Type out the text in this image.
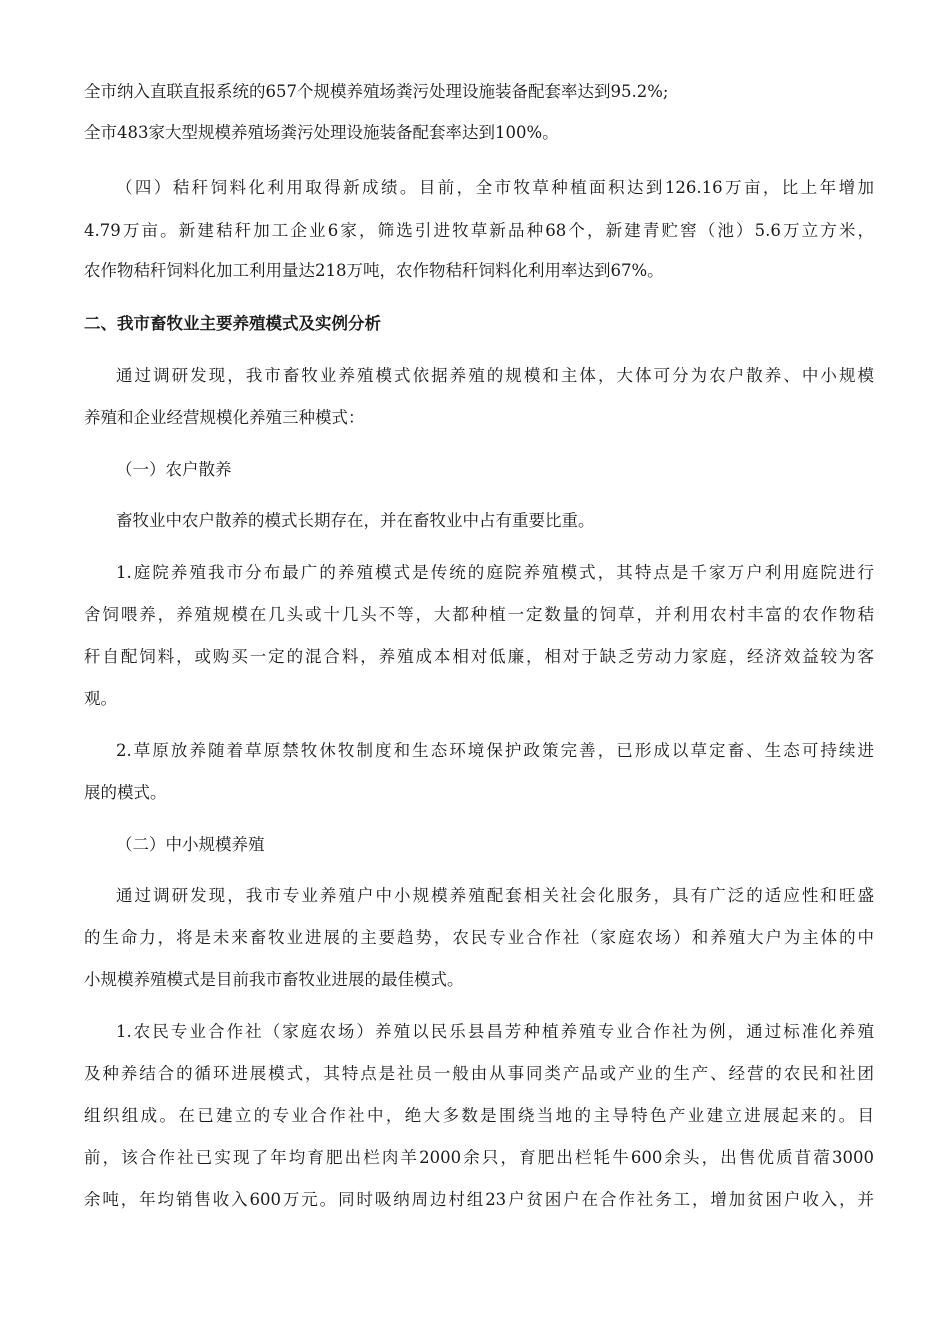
全市纳入直联直报系统的657个规模养殖场粪污处理设施装备配套率达到95.2%;
全市483家大型规模养殖场粪污处理设施装备配套率达到100%。
（四）秸秆饲料化利用取得新成绩。目前，全市牧草种植面积达到126.16万亩，比上年增加
4.79万亩。新建秸秆加工企业6家，筛选引进牧草新品种68个，新建青贮窖（池）5.6万立方米，
农作物秸秆饲料化加工利用量达218万吨，农作物秸秆饲料化利用率达到67%。
二、我市畜牧业主要养殖模式及实例分析
通过调研发现，我市畜牧业养殖模式依据养殖的规模和主体，大体可分为农户散养、中小规模
养殖和企业经营规模化养殖三种模式：
（一）农户散养
畜牧业中农户散养的模式长期存在，并在畜牧业中占有重要比重。
1.庭院养殖我市分布最广的养殖模式是传统的庭院养殖模式，其特点是千家万户利用庭院进行
舍饲喂养，养殖规模在几头或十几头不等，大都种植一定数量的饲草，并利用农村丰富的农作物秸
秆自配饲料，或购买一定的混合料，养殖成本相对低廉，相对于缺乏劳动力家庭，经济效益较为客
观。
2.草原放养随着草原禁牧休牧制度和生态环境保护政策完善，已形成以草定畜、生态可持续进
展的模式。
（二）中小规模养殖
通过调研发现，我市专业养殖户中小规模养殖配套相关社会化服务，具有广泛的适应性和旺盛
的生命力，将是未来畜牧业进展的主要趋势，农民专业合作社（家庭农场）和养殖大户为主体的中
小规模养殖模式是目前我市畜牧业进展的最佳模式。
1.农民专业合作社（家庭农场）养殖以民乐县昌芳种植养殖专业合作社为例，通过标准化养殖
及种养结合的循环进展模式，其特点是社员一般由从事同类产品或产业的生产、经营的农民和社团
组织组成。在已建立的专业合作社中，绝大多数是围绕当地的主导特色产业建立进展起来的。目
前，该合作社已实现了年均育肥出栏肉羊2000余只，育肥出栏牦牛600余头，出售优质苜蓿3000
余吨，年均销售收入600万元。同时吸纳周边村组23户贫困户在合作社务工，增加贫困户收入，并
